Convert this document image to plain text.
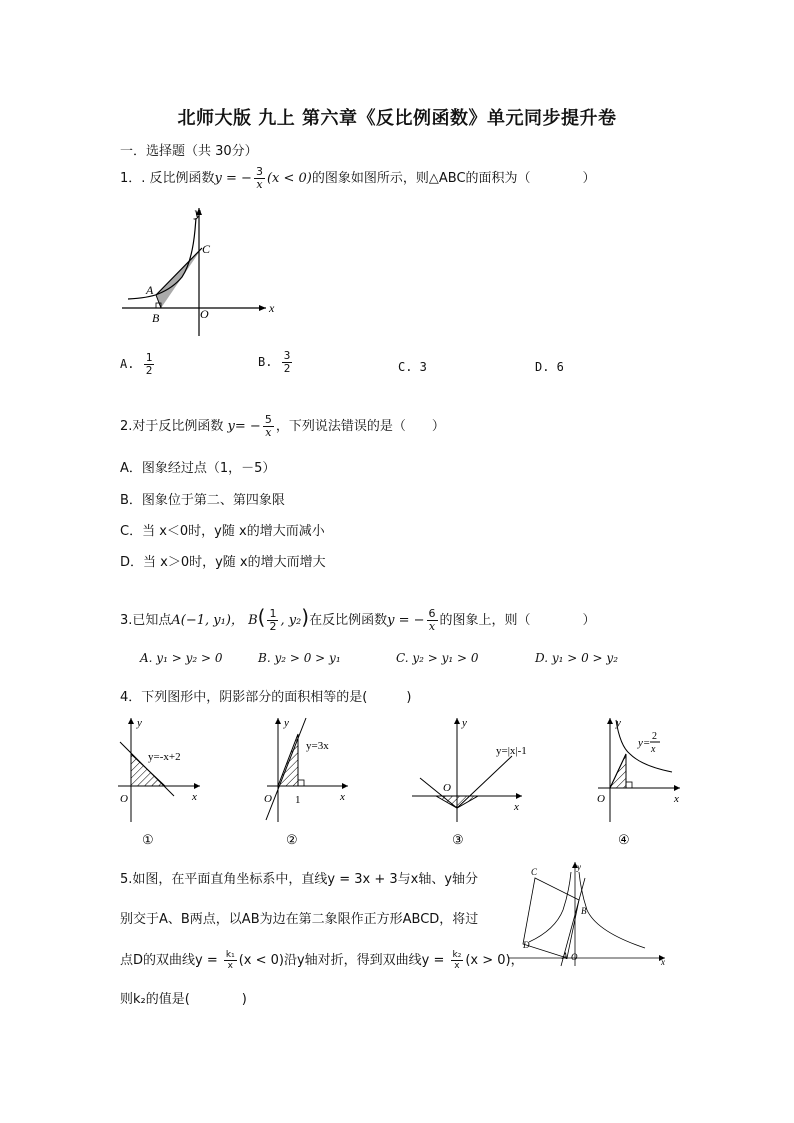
北师大版 九上 第六章《反比例函数》单元同步提升卷
一．选择题（共 30分）
1．. 反比例函数y = − $\frac{3}{x} (x < 0)$的图象如图所示，则△ABC的面积为（　　　　）
y
x
C
A
B	O
A. $\frac{1}{2}$	B. $\frac{3}{2}$	C. 3	D. 6
2.对于反比例函数 $y= - \frac{5}{x}$ ，下列说法错误的是（　　）
A．图象经过点（1，－5）
B．图象位于第二、第四象限
C．当 x＜0时，y随 x的增大而减小
D．当 x＞0时，y随 x的增大而增大
3.已知点A(−1, y₁)， $B( \frac{1}{2}$ , y₂)在反比例函数y = − $\frac{6}{x}$ 的图象上，则（　　　　）
A. y₁ > y₂ > 0	B. y₂ > 0 > y₁	C. y₂ > y₁ > 0	D. y₁ > 0 > y₂
4．下列图形中，阴影部分的面积相等的是(　　　)
y
x
O
y=-x+2
①
y
x
O 1
y=3x
②
y
x
O
y=|x|-1
③
y
x
O
y=
2
x
④
5.如图，在平面直角坐标系中，直线y = 3x + 3与x轴、y轴分
别交于A、B两点，以AB为边在第二象限作正方形ABCD，将过
点D的双曲线$y = \frac{\text{k₁}}{x} (x < 0)$沿y轴对折，得到双曲线$y = \frac{\text{k₂}}{x} (x > 0)$，
则k₂的值是(　　　　)
C
D
B
A O	x
y
